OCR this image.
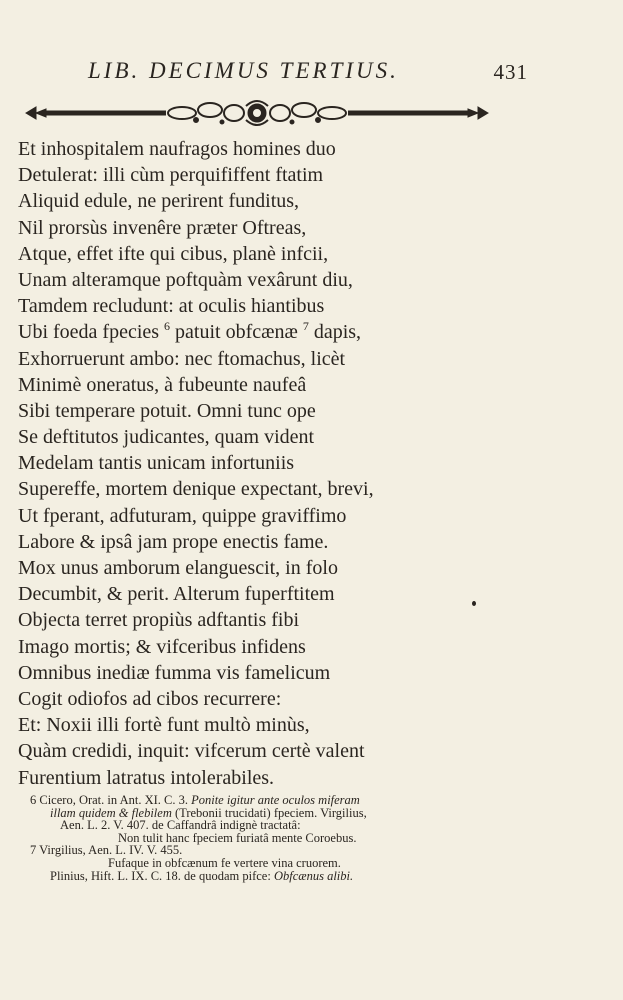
LIB. DECIMUS TERTIUS.	431
Et inhospitalem naufragos homines duo
Detulerat: illi cùm perquififfent ftatim
Aliquid edule, ne perirent funditus,
Nil prorsùs invenêre præter Oftreas,
Atque, effet ifte qui cibus, planè infcii,
Unam alteramque poftquàm vexârunt diu,
Tamdem recludunt: at oculis hiantibus
Ubi foeda fpecies $^6$ patuit obfcænæ $^7$ dapis,
Exhorruerunt ambo: nec ftomachus, licèt
Minimè oneratus, à fubeunte naufeâ
Sibi temperare potuit. Omni tunc ope
Se deftitutos judicantes, quam vident
Medelam tantis unicam infortuniis
Supereffe, mortem denique expectant, brevi,
Ut fperant, adfuturam, quippe graviffimo
Labore & ipsâ jam prope enectis fame.
Mox unus amborum elanguescit, in folo
Decumbit, & perit. Alterum fuperftitem
Objecta terret propiùs adftantis fibi
Imago mortis; & vifceribus infidens
Omnibus inediæ fumma vis famelicum
Cogit odiofos ad cibos recurrere:
Et: Noxii illi fortè funt multò minùs,
Quàm credidi, inquit: vifcerum certè valent
Furentium latratus intolerabiles.
6 Cicero, Orat. in Ant. XI. C. 3. Ponite igitur ante oculos miferam
illam quidem & flebilem (Trebonii trucidati) fpeciem. Virgilius,
Aen. L. 2. V. 407. de Caffandrâ indignè tractatâ:
Non tulit hanc fpeciem furiatâ mente Coroebus.
7 Virgilius, Aen. L. IV. V. 455.
Fufaque in obfcænum fe vertere vina cruorem.
Plinius, Hift. L. IX. C. 18. de quodam pifce: Obfcænus alibi.
